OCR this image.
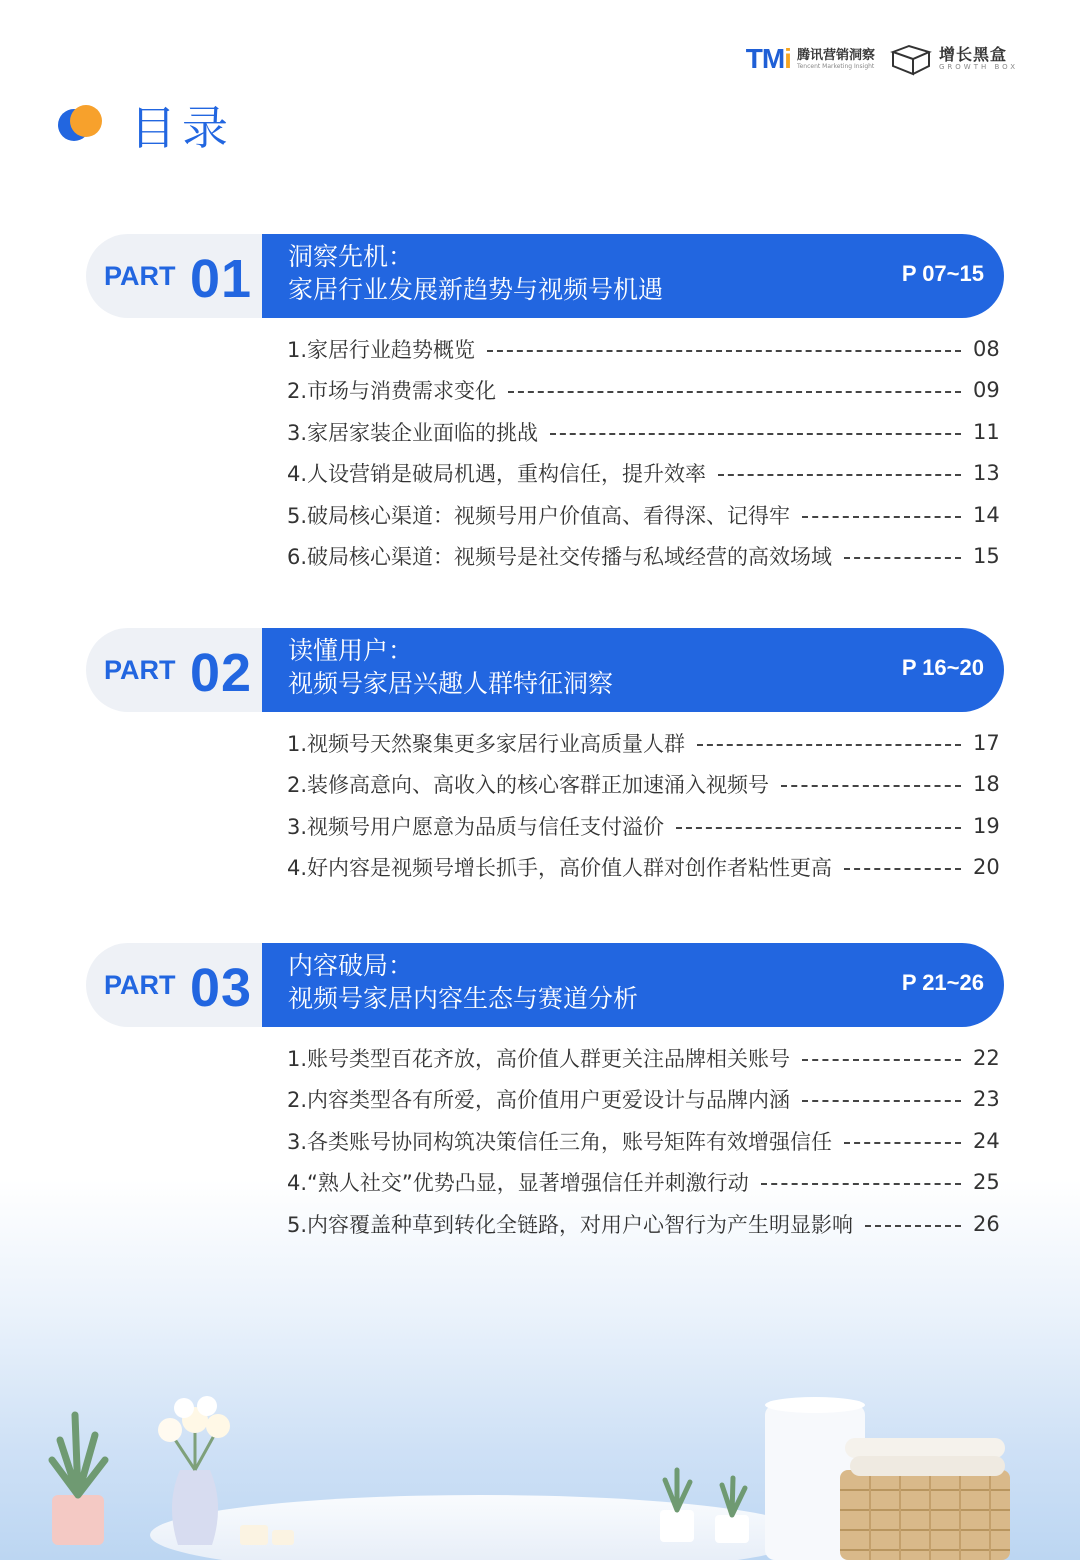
TMi 腾讯营销洞察
Tencent Marketing Insight
增长黑盒
GROWTH BOX
目录
PART 01 洞察先机：
家居行业发展新趋势与视频号机遇
P 07~15
1.家居行业趋势概览	08
2.市场与消费需求变化	09
3.家居家装企业面临的挑战	11
4.人设营销是破局机遇，重构信任，提升效率	13
5.破局核心渠道：视频号用户价值高、看得深、记得牢	14
6.破局核心渠道：视频号是社交传播与私域经营的高效场域	15
PART 02 读懂用户：
视频号家居兴趣人群特征洞察
P 16~20
1.视频号天然聚集更多家居行业高质量人群	17
2.装修高意向、高收入的核心客群正加速涌入视频号	18
3.视频号用户愿意为品质与信任支付溢价	19
4.好内容是视频号增长抓手，高价值人群对创作者粘性更高	20
PART 03 内容破局：
视频号家居内容生态与赛道分析
P 21~26
1.账号类型百花齐放，高价值人群更关注品牌相关账号	22
2.内容类型各有所爱，高价值用户更爱设计与品牌内涵	23
3.各类账号协同构筑决策信任三角，账号矩阵有效增强信任	24
4.“熟人社交”优势凸显，显著增强信任并刺激行动	25
5.内容覆盖种草到转化全链路，对用户心智行为产生明显影响	26
